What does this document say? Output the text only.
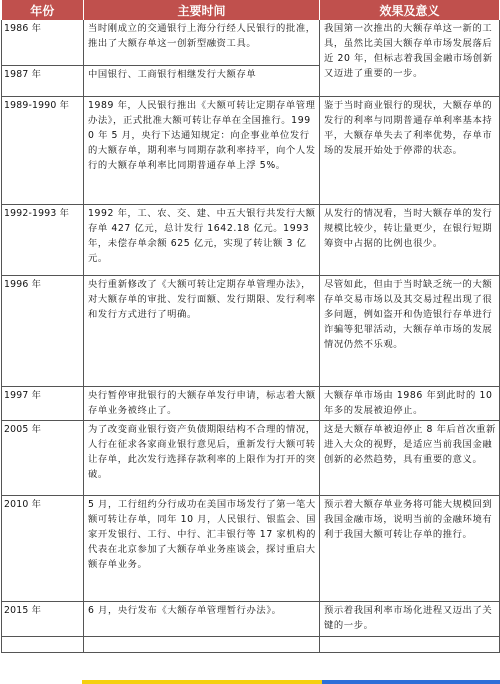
年份	主要时间	效果及意义
1986 年	当时刚成立的交通银行上海分行经人民银行的批准，推出了大额存单这一创新型融资工具。	我国第一次推出的大额存单这一新的工具，虽然比美国大额存单市场发展落后近 20 年，但标志着我国金融市场创新又迈进了重要的一步。
1987 年	中国银行、工商银行相继发行大额存单	
1989-1990 年	1989 年，人民银行推出《大额可转让定期存单管理办法》，正式批准大额可转让存单在全国推行。1990 年 5 月，央行下达通知规定：向企事业单位发行的大额存单，期利率与同期存款利率持平，向个人发行的大额存单利率比同期普通存单上浮 5%。	鉴于当时商业银行的现状，大额存单的发行的利率与同期普通存单利率基本持平，大额存单失去了利率优势，存单市场的发展开始处于停滞的状态。
1992-1993 年	1992 年，工、农、交、建、中五大银行共发行大额存单 427 亿元，总计发行 1642.18 亿元。1993 年，未偿存单余额 625 亿元，实现了转让额 3 亿元。	从发行的情况看，当时大额存单的发行规模比较少，转让量更少，在银行短期筹资中占据的比例也很少。
1996 年	央行重新修改了《大额可转让定期存单管理办法》，对大额存单的审批、发行面额、发行期限、发行利率和发行方式进行了明确。	尽管如此，但由于当时缺乏统一的大额存单交易市场以及其交易过程出现了很多问题，例如盗开和伪造银行存单进行诈骗等犯罪活动，大额存单市场的发展情况仍然不乐观。
1997 年	央行暂停审批银行的大额存单发行申请，标志着大额存单业务被终止了。	大额存单市场由 1986 年到此时的 10 年多的发展被迫停止。
2005 年	为了改变商业银行资产负债期限结构不合理的情况，人行在征求各家商业银行意见后，重新发行大额可转让存单，此次发行选择存款利率的上限作为打开的突破。	这是大额存单被迫停止 8 年后首次重新进入大众的视野，是适应当前我国金融创新的必然趋势，具有重要的意义。
2010 年	5 月，工行纽约分行成功在美国市场发行了第一笔大额可转让存单，同年 10 月，人民银行、银监会、国家开发银行、工行、中行、汇丰银行等 17 家机构的代表在北京参加了大额存单业务座谈会，探讨重启大额存单业务。	预示着大额存单业务将可能大规模回到我国金融市场，说明当前的金融环境有利于我国大额可转让存单的推行。
2015 年	6 月，央行发布《大额存单管理暂行办法》。	预示着我国利率市场化进程又迈出了关键的一步。
